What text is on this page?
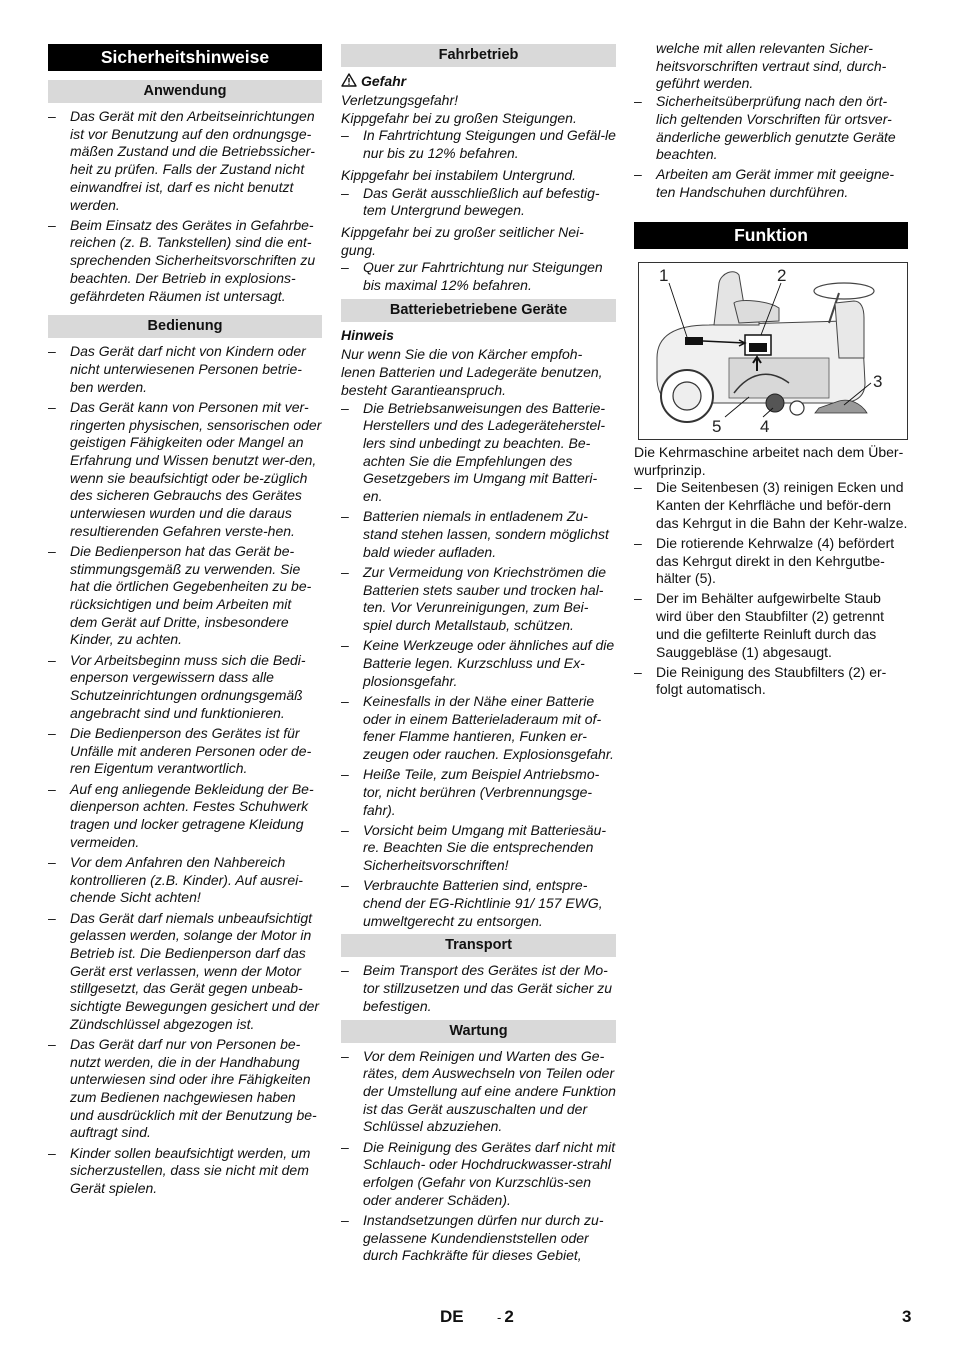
Sicherheitshinweise
Anwendung
– Das Gerät mit den Arbeitseinrichtungen ist vor Benutzung auf den ordnungsge-mäßen Zustand und die Betriebssicher-heit zu prüfen. Falls der Zustand nicht einwandfrei ist, darf es nicht benutzt werden.
– Beim Einsatz des Gerätes in Gefahrbe-reichen (z. B. Tankstellen) sind die ent-sprechenden Sicherheitsvorschriften zu beachten. Der Betrieb in explosions-gefährdeten Räumen ist untersagt.
Bedienung
– Das Gerät darf nicht von Kindern oder nicht unterwiesenen Personen betrie-ben werden.
– Das Gerät kann von Personen mit ver-ringerten physischen, sensorischen oder geistigen Fähigkeiten oder Mangel an Erfahrung und Wissen benutzt wer-den, wenn sie beaufsichtigt oder be-züglich des sicheren Gebrauchs des Gerätes unterwiesen wurden und die daraus resultierenden Gefahren verste-hen.
– Die Bedienperson hat das Gerät be-stimmungsgemäß zu verwenden. Sie hat die örtlichen Gegebenheiten zu be-rücksichtigen und beim Arbeiten mit dem Gerät auf Dritte, insbesondere Kinder, zu achten.
– Vor Arbeitsbeginn muss sich die Bedi-enperson vergewissern dass alle Schutzeinrichtungen ordnungsgemäß angebracht sind und funktionieren.
– Die Bedienperson des Gerätes ist für Unfälle mit anderen Personen oder de-ren Eigentum verantwortlich.
– Auf eng anliegende Bekleidung der Be-dienperson achten. Festes Schuhwerk tragen und locker getragene Kleidung vermeiden.
– Vor dem Anfahren den Nahbereich kontrollieren (z.B. Kinder). Auf ausrei-chende Sicht achten!
– Das Gerät darf niemals unbeaufsichtigt gelassen werden, solange der Motor in Betrieb ist. Die Bedienperson darf das Gerät erst verlassen, wenn der Motor stillgesetzt, das Gerät gegen unbeab-sichtigte Bewegungen gesichert und der Zündschlüssel abgezogen ist.
– Das Gerät darf nur von Personen be-nutzt werden, die in der Handhabung unterwiesen sind oder ihre Fähigkeiten zum Bedienen nachgewiesen haben und ausdrücklich mit der Benutzung be-auftragt sind.
– Kinder sollen beaufsichtigt werden, um sicherzustellen, dass sie nicht mit dem Gerät spielen.
Fahrbetrieb
Gefahr

Verletzungsgefahr!

Kippgefahr bei zu großen Steigungen.

– In Fahrtrichtung Steigungen und Gefäl-le nur bis zu 12% befahren.

Kippgefahr bei instabilem Untergrund.

– Das Gerät ausschließlich auf befestig-tem Untergrund bewegen.

Kippgefahr bei zu großer seitlicher Nei-gung.

– Quer zur Fahrtrichtung nur Steigungen bis maximal 12% befahren.
Batteriebetriebene Geräte
Hinweis

Nur wenn Sie die von Kärcher empfoh-lenen Batterien und Ladegeräte benutzen, besteht Garantieanspruch.

– Die Betriebsanweisungen des Batterie-Herstellers und des Ladegeräteherstel-lers sind unbedingt zu beachten. Be-achten Sie die Empfehlungen des Gesetzgebers im Umgang mit Batteri-en.
– Batterien niemals in entladenem Zu-stand stehen lassen, sondern möglichst bald wieder aufladen.
– Zur Vermeidung von Kriechströmen die Batterien stets sauber und trocken hal-ten. Vor Verunreinigungen, zum Bei-spiel durch Metallstaub, schützen.
– Keine Werkzeuge oder ähnliches auf die Batterie legen. Kurzschluss und Ex-plosionsgefahr.
– Keinesfalls in der Nähe einer Batterie oder in einem Batterieladeraum mit of-fener Flamme hantieren, Funken er-zeugen oder rauchen. Explosionsgefahr.
– Heiße Teile, zum Beispiel Antriebsmo-tor, nicht berühren (Verbrennungsge-fahr).
– Vorsicht beim Umgang mit Batteriesäu-re. Beachten Sie die entsprechenden Sicherheitsvorschriften!
– Verbrauchte Batterien sind, entspre-chend der EG-Richtlinie 91/ 157 EWG, umweltgerecht zu entsorgen.
Transport
– Beim Transport des Gerätes ist der Mo-tor stillzusetzen und das Gerät sicher zu befestigen.
Wartung
– Vor dem Reinigen und Warten des Ge-rätes, dem Auswechseln von Teilen oder der Umstellung auf eine andere Funktion ist das Gerät auszuschalten und der Schlüssel abzuziehen.
– Die Reinigung des Gerätes darf nicht mit Schlauch- oder Hochdruckwasser-strahl erfolgen (Gefahr von Kurzschlüs-sen oder anderer Schäden).
– Instandsetzungen dürfen nur durch zu-gelassene Kundendienststellen oder durch Fachkräfte für dieses Gebiet,

welche mit allen relevanten Sicher-heitsvorschriften vertraut sind, durch-geführt werden.

– Sicherheitsüberprüfung nach den ört-lich geltenden Vorschriften für ortsver-änderliche gewerblich genutzte Geräte beachten.
– Arbeiten am Gerät immer mit geeigne-ten Handschuhen durchführen.
Funktion
1	2
3
4
5

Die Kehrmaschine arbeitet nach dem Über-wurfprinzip.

– Die Seitenbesen (3) reinigen Ecken und Kanten der Kehrfläche und beför-dern das Kehrgut in die Bahn der Kehr-walze.
– Die rotierende Kehrwalze (4) befördert das Kehrgut direkt in den Kehrgutbe-hälter (5).
– Der im Behälter aufgewirbelte Staub wird über den Staubfilter (2) getrennt und die gefilterte Reinluft durch das Sauggebläse (1) abgesaugt.
– Die Reinigung des Staubfilters (2) er-folgt automatisch.
DE	- 2	3
